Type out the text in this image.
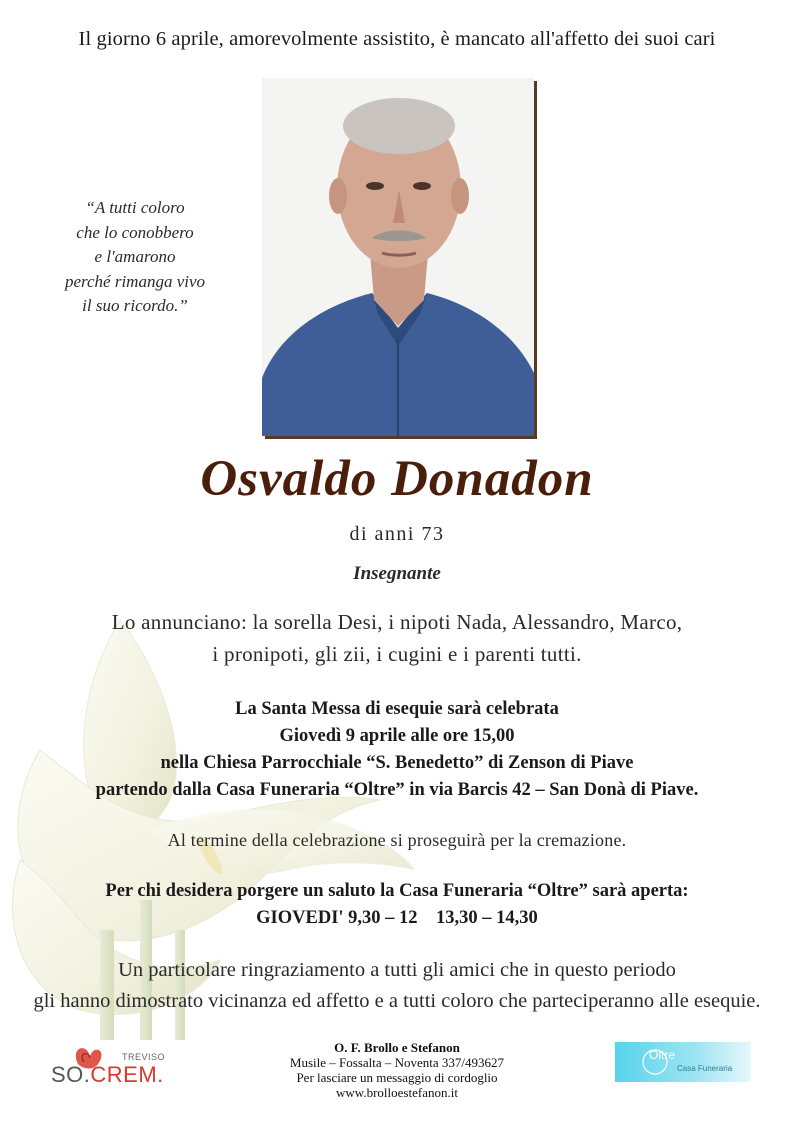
Il giorno 6 aprile, amorevolmente assistito, è mancato all'affetto dei suoi cari
“A tutti coloro
che lo conobbero
e l'amarono
perché rimanga vivo
il suo ricordo.”
Osvaldo Donadon
di anni 73
Insegnante
Lo annunciano: la sorella Desi, i nipoti Nada, Alessandro, Marco,
i pronipoti, gli zii, i cugini e i parenti tutti.
La Santa Messa di esequie sarà celebrata
Giovedì 9 aprile alle ore 15,00
nella Chiesa Parrocchiale “S. Benedetto” di Zenson di Piave
partendo dalla Casa Funeraria “Oltre” in via Barcis 42 – San Donà di Piave.
Al termine della celebrazione si proseguirà per la cremazione.
Per chi desidera porgere un saluto la Casa Funeraria “Oltre” sarà aperta:
GIOVEDI' 9,30 – 12    13,30 – 14,30
Un particolare ringraziamento a tutti gli amici che in questo periodo
gli hanno dimostrato vicinanza ed affetto e a tutti coloro che parteciperanno alle esequie.
TREVISO
SO.CREM.
O. F. Brollo e Stefanon
Musile – Fossalta – Noventa 337/493627
Per lasciare un messaggio di cordoglio
www.brolloestefanon.it
Oltre
Casa Funeraria
